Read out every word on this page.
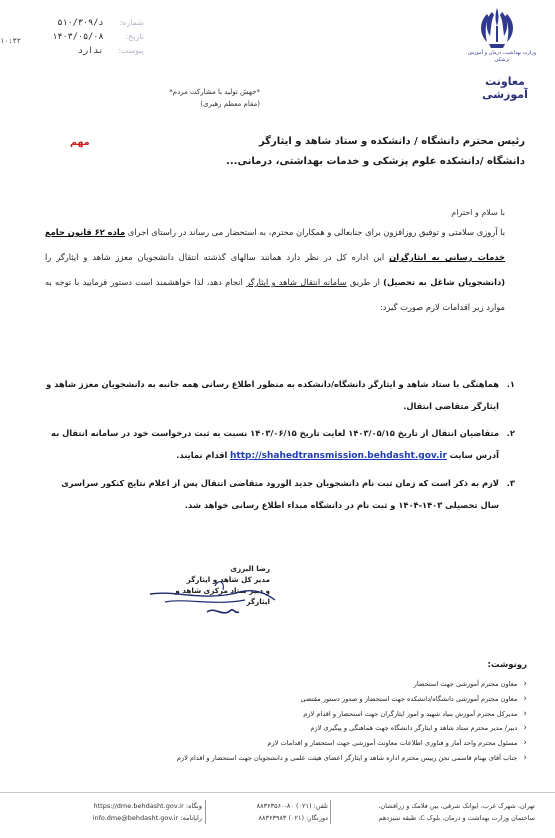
وزارت بهداشت، درمان و آموزش پزشکی
معاونت آموزشی
شماره: د/۵۱۰/۳۰۹
تاریخ: ۱۴۰۳/۰۵/۰۸
پیوست: ندارد
۱۰:۳۲
*جهش تولید با مشارکت مردم*
(مقام معظم رهبری)
مهم	رئیس محترم دانشگاه / دانشکده و ستاد شاهد و ایثارگر
دانشگاه /دانشکده علوم پزشکی و خدمات بهداشتی، درمانی...
با سلام و احترام
با آروزی سلامتی و توفیق روزافزون برای جنابعالی و همکاران محترم، به استحضار می رساند در راستای اجرای ماده ۶۲ قانون جامع خدمات رسانی به ایثارگران این اداره کل در نظر دارد همانند سالهای گذشته انتقال دانشجویان معزز شاهد و ایثارگر را (دانشجویان شاغل به تحصیل) از طریق سامانه انتقال شاهد و ایثارگر انجام دهد، لذا خواهشمند است دستور فرمایید با توجه به موارد زیر اقدامات لازم صورت گیرد:
۱.
هماهنگی با ستاد شاهد و ایثارگر دانشگاه/دانشکده به منظور اطلاع رسانی همه جانبه به دانشجویان معزز شاهد و ایثارگر متقاضی انتقال.
۲.
متقاضیان انتقال از تاریخ ۱۴۰۳/۰۵/۱۵ لغایت تاریخ ۱۴۰۳/۰۶/۱۵ نسبت به ثبت درخواست خود در سامانه انتقال به آدرس سایت http://shahedtransmission.behdasht.gov.ir اقدام نمایند.
۳.
لازم به ذکر است که زمان ثبت نام دانشجویان جدید الورود متقاضی انتقال پس از اعلام نتایج کنکور سراسری سال تحصیلی ۱۴۰۳-۱۴۰۴ و ثبت نام در دانشگاه مبداء اطلاع رسانی خواهد شد.
رضا البرزی
مدیر کل شاهد و ایثارگر
و دبیر ستاد مرکزی شاهد و ایثارگر
رونوشت:
‹ معاون محترم آموزشی جهت استحضار
‹ معاون محترم آموزشی دانشگاه/دانشکده جهت استحضار و صدور دستور مقتضی
‹ مدیرکل محترم آموزش بنیاد شهید و امور ایثارگران جهت استحضار و اقدام لازم
‹ دبیر/ مدیر محترم ستاد شاهد و ایثارگر دانشگاه جهت هماهنگی و پیگیری لازم
‹ مسئول محترم واحد آمار و فناوری اطلاعات معاونت آموزشی جهت استحضار و اقدامات لازم
‹ جناب آقای بهنام قاسمی تجن رییس محترم اداره شاهد و ایثارگر اعضای هیئت علمی و دانشجویان جهت استحضار و اقدام لازم
تهران، شهرک غرب، ایوانک شرقی، بین فلامک و زرافشان،
ساختمان وزارت بهداشت و درمان، بلوک C، طبقه سیزدهم
تلفن: ۸۸۳۶۳۵۶۰-۸۰ (۰۲۱)
دورنگار: ۸۸۳۶۳۹۸۳ (۰۲۱)
وبگاه: https://dme.behdasht.gov.ir
رایانامه: info.dme@behdasht.gov.ir
